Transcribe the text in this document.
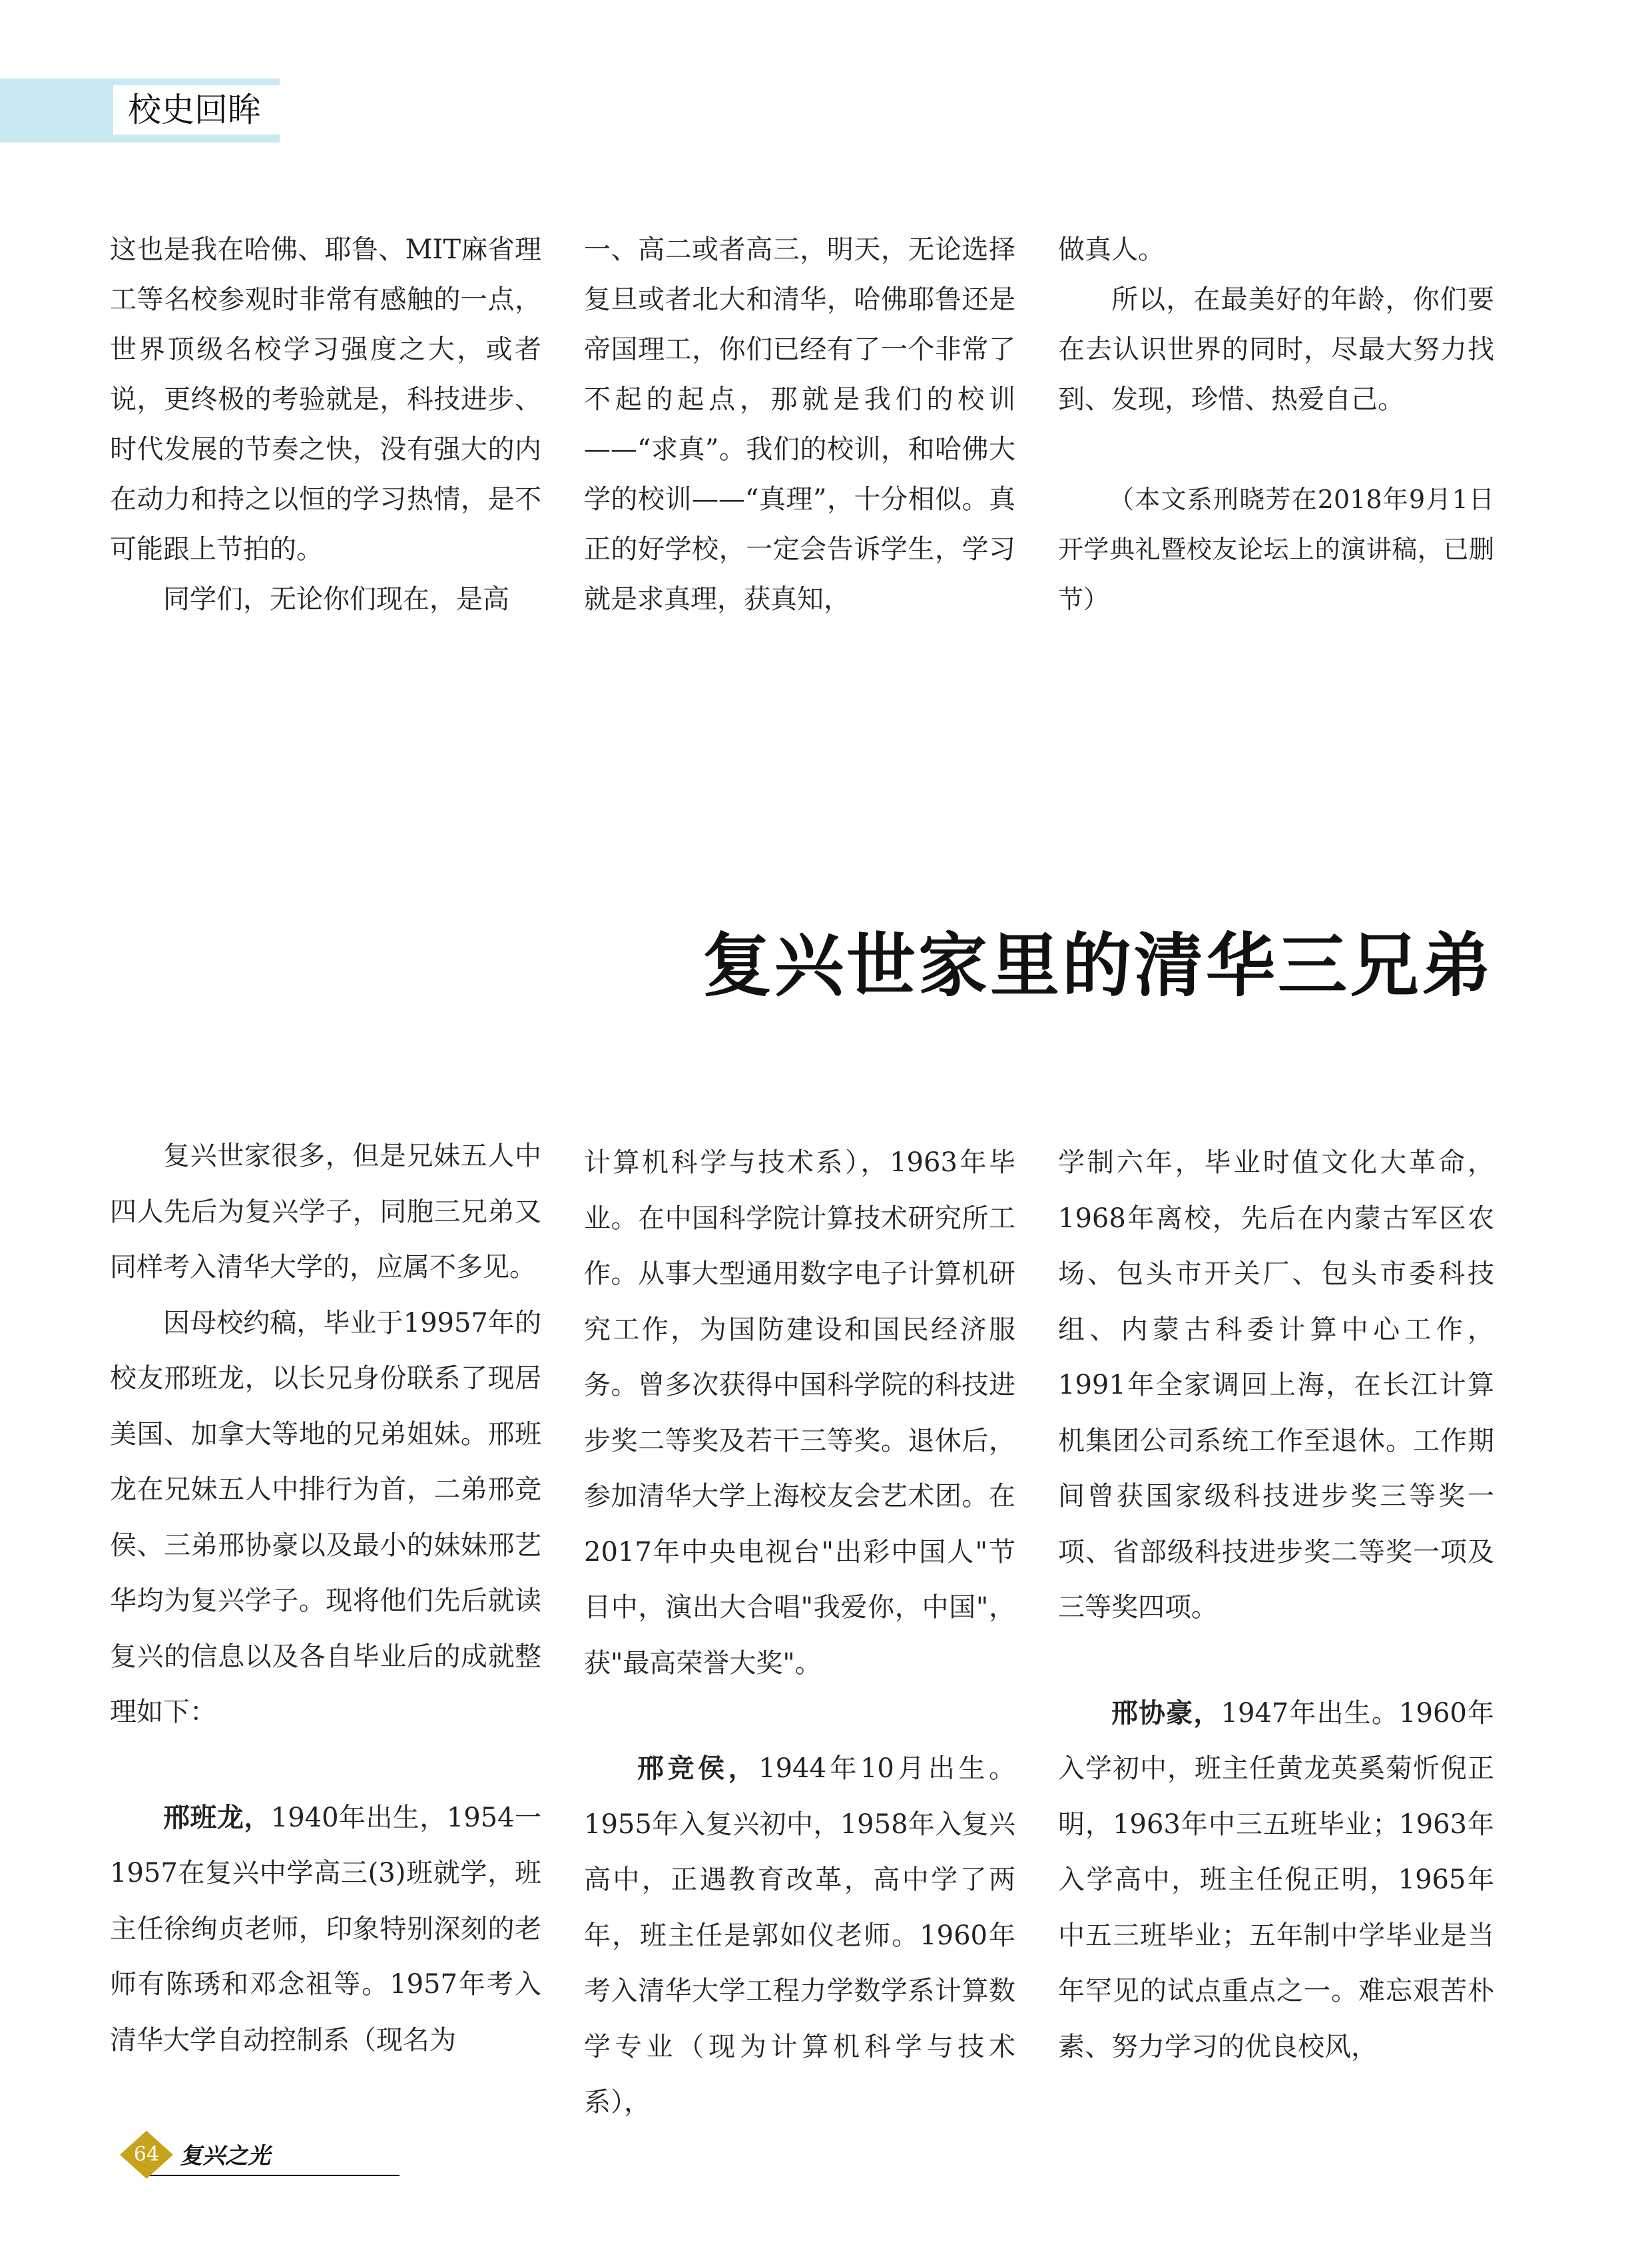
校史回眸

这也是我在哈佛、耶鲁、MIT麻省理工等名校参观时非常有感触的一点，世界顶级名校学习强度之大，或者说，更终极的考验就是，科技进步、时代发展的节奏之快，没有强大的内在动力和持之以恒的学习热情，是不可能跟上节拍的。

同学们，无论你们现在，是高

一、高二或者高三，明天，无论选择复旦或者北大和清华，哈佛耶鲁还是帝国理工，你们已经有了一个非常了不起的起点，那就是我们的校训——“求真”。我们的校训，和哈佛大学的校训——“真理”，十分相似。真正的好学校，一定会告诉学生，学习就是求真理，获真知，

做真人。

所以，在最美好的年龄，你们要在去认识世界的同时，尽最大努力找到、发现，珍惜、热爱自己。

（本文系刑晓芳在2018年9月1日开学典礼暨校友论坛上的演讲稿，已删节）

复兴世家里的清华三兄弟

复兴世家很多，但是兄妹五人中四人先后为复兴学子，同胞三兄弟又同样考入清华大学的，应属不多见。

因母校约稿，毕业于19957年的校友邢班龙，以长兄身份联系了现居美国、加拿大等地的兄弟姐妹。邢班龙在兄妹五人中排行为首，二弟邢竞侯、三弟邢协豪以及最小的妹妹邢艺华均为复兴学子。现将他们先后就读复兴的信息以及各自毕业后的成就整理如下：

邢班龙，1940年出生，1954一1957在复兴中学高三(3)班就学，班主任徐绚贞老师，印象特别深刻的老师有陈琇和邓念祖等。1957年考入清华大学自动控制系（现名为

计算机科学与技术系），1963年毕业。在中国科学院计算技术研究所工作。从事大型通用数字电子计算机研究工作，为国防建设和国民经济服务。曾多次获得中国科学院的科技进步奖二等奖及若干三等奖。退休后，参加清华大学上海校友会艺术团。在2017年中央电视台"出彩中国人"节目中，演出大合唱"我爱你，中国"，获"最高荣誉大奖"。

邢竞侯，1944年10月出生。1955年入复兴初中，1958年入复兴高中，正遇教育改革，高中学了两年，班主任是郭如仪老师。1960年考入清华大学工程力学数学系计算数学专业（现为计算机科学与技术系），

学制六年，毕业时值文化大革命，1968年离校，先后在内蒙古军区农场、包头市开关厂、包头市委科技组、内蒙古科委计算中心工作，1991年全家调回上海，在长江计算机集团公司系统工作至退休。工作期间曾获国家级科技进步奖三等奖一项、省部级科技进步奖二等奖一项及三等奖四项。

邢协豪，1947年出生。1960年入学初中，班主任黄龙英奚菊忻倪正明，1963年中三五班毕业；1963年入学高中，班主任倪正明，1965年中五三班毕业；五年制中学毕业是当年罕见的试点重点之一。难忘艰苦朴素、努力学习的优良校风，

64 复兴之光
